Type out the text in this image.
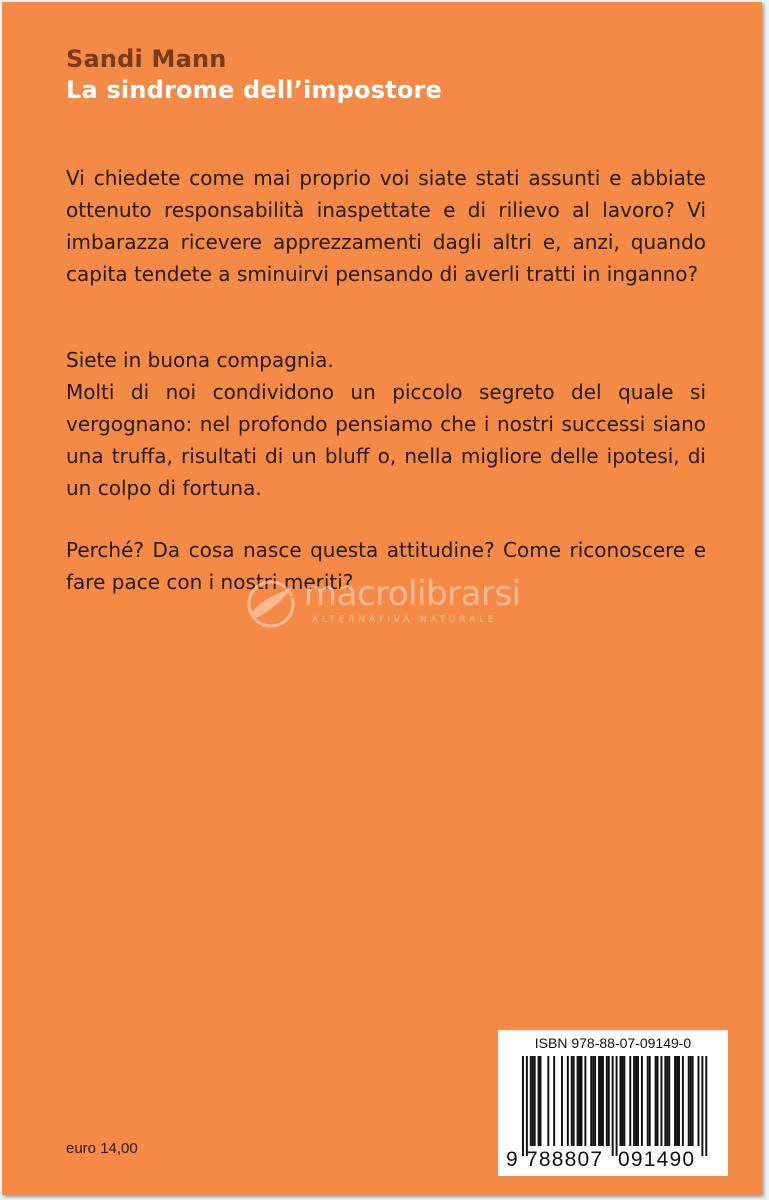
Sandi Mann
La sindrome dell’impostore

Vi chiedete come mai proprio voi siate stati assunti e abbiate ottenuto responsabilità inaspettate e di rilievo al lavoro? Vi imbarazza ricevere apprezzamenti dagli altri e, anzi, quando capita tendete a sminuirvi pensando di averli tratti in inganno?

Siete in buona compagnia.

Molti di noi condividono un piccolo segreto del quale si vergognano: nel profondo pensiamo che i nostri successi siano una truffa, risultati di un bluff o, nella migliore delle ipotesi, di un colpo di fortuna.

Perché? Da cosa nasce questa attitudine? Come riconoscere e fare pace con i nostri meriti?

macrolibrarsi
ALTERNATIVA NATURALE
ISBN 978-88-07-09149-0
9 788807 091490
euro 14,00
